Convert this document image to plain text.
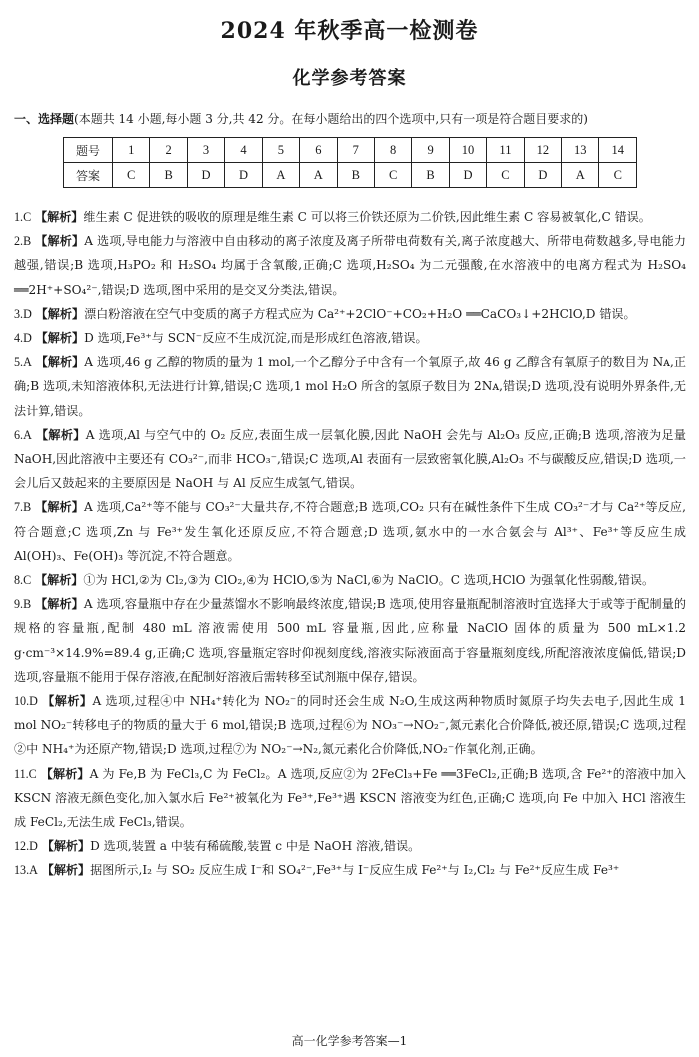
2024 年秋季高一检测卷
化学参考答案
一、选择题(本题共 14 小题,每小题 3 分,共 42 分。在每小题给出的四个选项中,只有一项是符合题目要求的)
题号	1	2	3	4	5	6	7	8	9	10	11	12	13	14
答案	C	B	D	D	A	A	B	C	B	D	C	D	A	C

1.C 【解析】维生素 C 促进铁的吸收的原理是维生素 C 可以将三价铁还原为二价铁,因此维生素 C 容易被氧化,C 错误。

2.B 【解析】A 选项,导电能力与溶液中自由移动的离子浓度及离子所带电荷数有关,离子浓度越大、所带电荷数越多,导电能力越强,错误;B 选项,H₃PO₂ 和 H₂SO₄ 均属于含氧酸,正确;C 选项,H₂SO₄ 为二元强酸,在水溶液中的电离方程式为 H₂SO₄ ══2H⁺+SO₄²⁻,错误;D 选项,图中采用的是交叉分类法,错误。

3.D 【解析】漂白粉溶液在空气中变质的离子方程式应为 Ca²⁺+2ClO⁻+CO₂+H₂O ══CaCO₃↓+2HClO,D 错误。

4.D 【解析】D 选项,Fe³⁺与 SCN⁻反应不生成沉淀,而是形成红色溶液,错误。

5.A 【解析】A 选项,46 g 乙醇的物质的量为 1 mol,一个乙醇分子中含有一个氧原子,故 46 g 乙醇含有氧原子的数目为 Nᴀ,正确;B 选项,未知溶液体积,无法进行计算,错误;C 选项,1 mol H₂O 所含的氢原子数目为 2Nᴀ,错误;D 选项,没有说明外界条件,无法计算,错误。

6.A 【解析】A 选项,Al 与空气中的 O₂ 反应,表面生成一层氧化膜,因此 NaOH 会先与 Al₂O₃ 反应,正确;B 选项,溶液为足量 NaOH,因此溶液中主要还有 CO₃²⁻,而非 HCO₃⁻,错误;C 选项,Al 表面有一层致密氧化膜,Al₂O₃ 不与碳酸反应,错误;D 选项,一会儿后又鼓起来的主要原因是 NaOH 与 Al 反应生成氢气,错误。

7.B 【解析】A 选项,Ca²⁺等不能与 CO₃²⁻大量共存,不符合题意;B 选项,CO₂ 只有在碱性条件下生成 CO₃²⁻才与 Ca²⁺等反应,符合题意;C 选项,Zn 与 Fe³⁺发生氧化还原反应,不符合题意;D 选项,氨水中的一水合氨会与 Al³⁺、Fe³⁺等反应生成 Al(OH)₃、Fe(OH)₃ 等沉淀,不符合题意。

8.C 【解析】①为 HCl,②为 Cl₂,③为 ClO₂,④为 HClO,⑤为 NaCl,⑥为 NaClO。C 选项,HClO 为强氧化性弱酸,错误。

9.B 【解析】A 选项,容量瓶中存在少量蒸馏水不影响最终浓度,错误;B 选项,使用容量瓶配制溶液时宜选择大于或等于配制量的规格的容量瓶,配制 480 mL 溶液需使用 500 mL 容量瓶,因此,应称量 NaClO 固体的质量为 500 mL×1.2 g·cm⁻³×14.9%=89.4 g,正确;C 选项,容量瓶定容时仰视刻度线,溶液实际液面高于容量瓶刻度线,所配溶液浓度偏低,错误;D 选项,容量瓶不能用于保存溶液,在配制好溶液后需转移至试剂瓶中保存,错误。

10.D 【解析】A 选项,过程④中 NH₄⁺转化为 NO₂⁻的同时还会生成 N₂O,生成这两种物质时氮原子均失去电子,因此生成 1 mol NO₂⁻转移电子的物质的量大于 6 mol,错误;B 选项,过程⑥为 NO₃⁻→NO₂⁻,氮元素化合价降低,被还原,错误;C 选项,过程②中 NH₄⁺为还原产物,错误;D 选项,过程⑦为 NO₂⁻→N₂,氮元素化合价降低,NO₂⁻作氧化剂,正确。

11.C 【解析】A 为 Fe,B 为 FeCl₃,C 为 FeCl₂。A 选项,反应②为 2FeCl₃+Fe ══3FeCl₂,正确;B 选项,含 Fe²⁺的溶液中加入 KSCN 溶液无颜色变化,加入氯水后 Fe²⁺被氧化为 Fe³⁺,Fe³⁺遇 KSCN 溶液变为红色,正确;C 选项,向 Fe 中加入 HCl 溶液生成 FeCl₂,无法生成 FeCl₃,错误。

12.D 【解析】D 选项,装置 a 中装有稀硫酸,装置 c 中是 NaOH 溶液,错误。

13.A 【解析】据图所示,I₂ 与 SO₂ 反应生成 I⁻和 SO₄²⁻,Fe³⁺与 I⁻反应生成 Fe²⁺与 I₂,Cl₂ 与 Fe²⁺反应生成 Fe³⁺

高一化学参考答案—1
